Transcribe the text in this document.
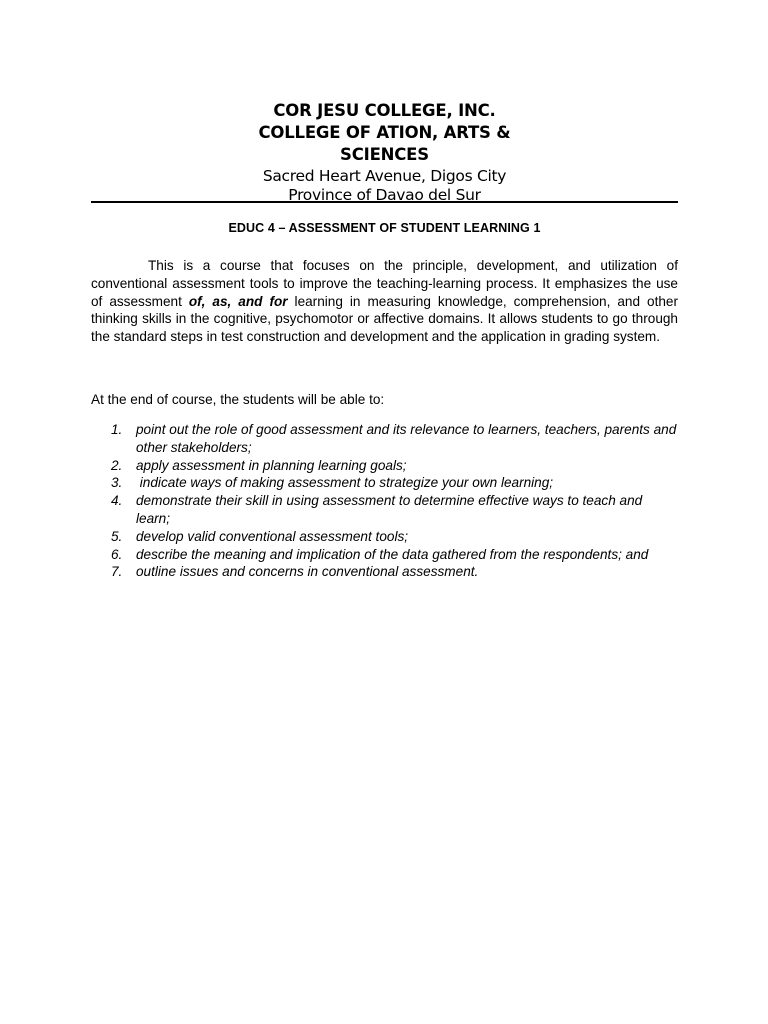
COR JESU COLLEGE, INC.
COLLEGE OF ATION, ARTS &
SCIENCES
Sacred Heart Avenue, Digos City
Province of Davao del Sur
EDUC 4 – ASSESSMENT OF STUDENT LEARNING 1

This is a course that focuses on the principle, development, and utilization of conventional assessment tools to improve the teaching-learning process. It emphasizes the use of assessment of, as, and for learning in measuring knowledge, comprehension, and other thinking skills in the cognitive, psychomotor or affective domains. It allows students to go through the standard steps in test construction and development and the application in grading system.

At the end of course, the students will be able to:
1. point out the role of good assessment and its relevance to learners, teachers, parents and other stakeholders;
2. apply assessment in planning learning goals;
3. indicate ways of making assessment to strategize your own learning;
4. demonstrate their skill in using assessment to determine effective ways to teach and learn;
5. develop valid conventional assessment tools;
6. describe the meaning and implication of the data gathered from the respondents; and
7. outline issues and concerns in conventional assessment.
